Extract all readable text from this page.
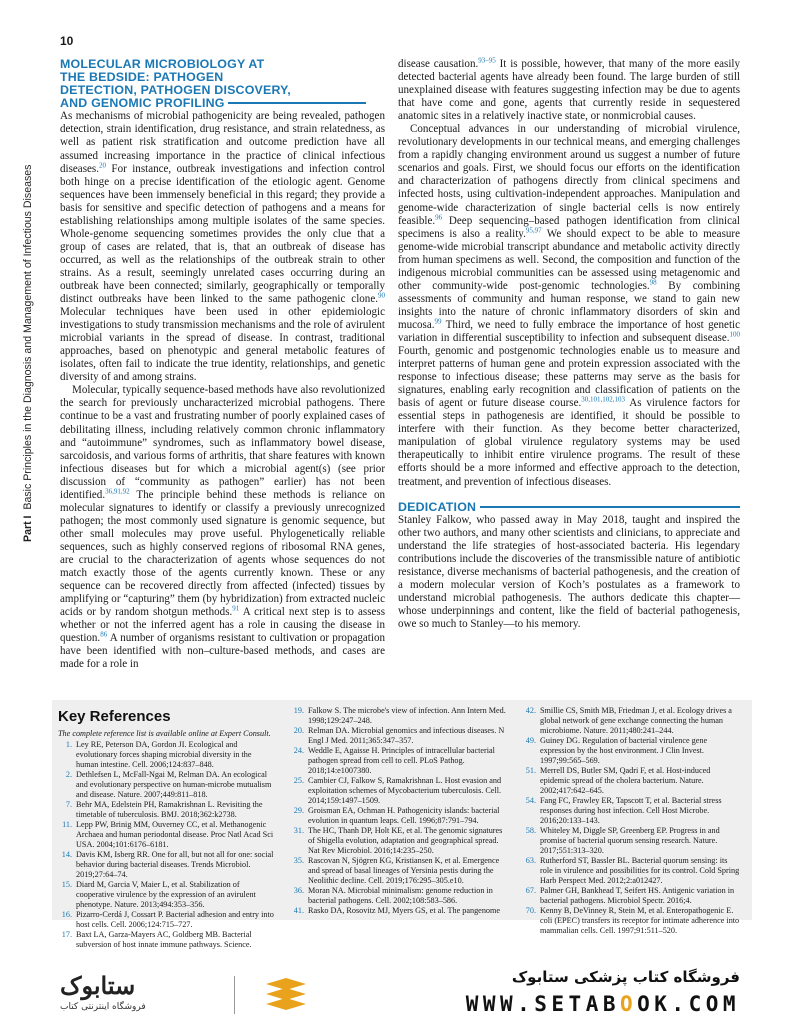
10
Part I  Basic Principles in the Diagnosis and Management of Infectious Diseases
MOLECULAR MICROBIOLOGY AT
THE BEDSIDE: PATHOGEN
DETECTION, PATHOGEN DISCOVERY,
AND GENOMIC PROFILING

As mechanisms of microbial pathogenicity are being revealed, pathogen detection, strain identification, drug resistance, and strain relatedness, as well as patient risk stratification and outcome prediction have all assumed increasing importance in the practice of clinical infectious diseases.$^{20}$ For instance, outbreak investigations and infection control both hinge on a precise identification of the etiologic agent. Genome sequences have been immensely beneficial in this regard; they provide a basis for sensitive and specific detection of pathogens and a means for establishing relationships among multiple isolates of the same species. Whole-genome sequencing sometimes provides the only clue that a group of cases are related, that is, that an outbreak of disease has occurred, as well as the relationships of the outbreak strain to other strains. As a result, seemingly unrelated cases occurring during an outbreak have been connected; similarly, geographically or temporally distinct outbreaks have been linked to the same pathogenic clone.$^{90}$ Molecular techniques have been used in other epidemiologic investigations to study transmission mechanisms and the role of avirulent microbial variants in the spread of disease. In contrast, traditional approaches, based on phenotypic and general metabolic features of isolates, often fail to indicate the true identity, relationships, and genetic diversity of and among strains.

Molecular, typically sequence-based methods have also revolutionized the search for previously uncharacterized microbial pathogens. There continue to be a vast and frustrating number of poorly explained cases of debilitating illness, including relatively common chronic inflammatory and “autoimmune” syndromes, such as inflammatory bowel disease, sarcoidosis, and various forms of arthritis, that share features with known infectious diseases but for which a microbial agent(s) (see prior discussion of “community as pathogen” earlier) has not been identified.$^{36,91,92}$ The principle behind these methods is reliance on molecular signatures to identify or classify a previously unrecognized pathogen; the most commonly used signature is genomic sequence, but other small molecules may prove useful. Phylogenetically reliable sequences, such as highly conserved regions of ribosomal RNA genes, are crucial to the characterization of agents whose sequences do not match exactly those of the agents currently known. These or any sequence can be recovered directly from affected (infected) tissues by amplifying or “capturing” them (by hybridization) from extracted nucleic acids or by random shotgun methods.$^{91}$ A critical next step is to assess whether or not the inferred agent has a role in causing the disease in question.$^{86}$ A number of organisms resistant to cultivation or propagation have been identified with non–culture-based methods, and cases are made for a role in

disease causation.$^{93-95}$ It is possible, however, that many of the more easily detected bacterial agents have already been found. The large burden of still unexplained disease with features suggesting infection may be due to agents that have come and gone, agents that currently reside in sequestered anatomic sites in a relatively inactive state, or nonmicrobial causes.

Conceptual advances in our understanding of microbial virulence, revolutionary developments in our technical means, and emerging challenges from a rapidly changing environment around us suggest a number of future scenarios and goals. First, we should focus our efforts on the identification and characterization of pathogens directly from clinical specimens and infected hosts, using cultivation-independent approaches. Manipulation and genome-wide characterization of single bacterial cells is now entirely feasible.$^{96}$ Deep sequencing–based pathogen identification from clinical specimens is also a reality.$^{95,97}$ We should expect to be able to measure genome-wide microbial transcript abundance and metabolic activity directly from human specimens as well. Second, the composition and function of the indigenous microbial communities can be assessed using metagenomic and other community-wide post-genomic technologies.$^{98}$ By combining assessments of community and human response, we stand to gain new insights into the nature of chronic inflammatory disorders of skin and mucosa.$^{99}$ Third, we need to fully embrace the importance of host genetic variation in differential susceptibility to infection and subsequent disease.$^{100}$ Fourth, genomic and postgenomic technologies enable us to measure and interpret patterns of human gene and protein expression associated with the response to infectious disease; these patterns may serve as the basis for signatures, enabling early recognition and classification of patients on the basis of agent or future disease course.$^{30,101,102,103}$ As virulence factors for essential steps in pathogenesis are identified, it should be possible to interfere with their function. As they become better characterized, manipulation of global virulence regulatory systems may be used therapeutically to inhibit entire virulence programs. The result of these efforts should be a more informed and effective approach to the detection, treatment, and prevention of infectious diseases.

DEDICATION

Stanley Falkow, who passed away in May 2018, taught and inspired the other two authors, and many other scientists and clinicians, to appreciate and understand the life strategies of host-associated bacteria. His legendary contributions include the discoveries of the transmissible nature of antibiotic resistance, diverse mechanisms of bacterial pathogenesis, and the creation of a modern molecular version of Koch’s postulates as a framework to understand microbial pathogenesis. The authors dedicate this chapter—whose underpinnings and content, like the field of bacterial pathogenesis, owe so much to Stanley—to his memory.

Key References
The complete reference list is available online at Expert Consult.
1. Ley RE, Peterson DA, Gordon JI. Ecological and evolutionary forces shaping microbial diversity in the human intestine. Cell. 2006;124:837–848.
2. Dethlefsen L, McFall-Ngai M, Relman DA. An ecological and evolutionary perspective on human-microbe mutualism and disease. Nature. 2007;449:811–818.
7. Behr MA, Edelstein PH, Ramakrishnan L. Revisiting the timetable of tuberculosis. BMJ. 2018;362:k2738.
11. Lepp PW, Brinig MM, Ouverney CC, et al. Methanogenic Archaea and human periodontal disease. Proc Natl Acad Sci USA. 2004;101:6176–6181.
14. Davis KM, Isberg RR. One for all, but not all for one: social behavior during bacterial diseases. Trends Microbiol. 2019;27:64–74.
15. Diard M, Garcia V, Maier L, et al. Stabilization of cooperative virulence by the expression of an avirulent phenotype. Nature. 2013;494:353–356.
16. Pizarro-Cerdá J, Cossart P. Bacterial adhesion and entry into host cells. Cell. 2006;124:715–727.
17. Baxt LA, Garza-Mayers AC, Goldberg MB. Bacterial subversion of host innate immune pathways. Science.
19. Falkow S. The microbe's view of infection. Ann Intern Med. 1998;129:247–248.
20. Relman DA. Microbial genomics and infectious diseases. N Engl J Med. 2011;365:347–357.
24. Weddle E, Agaisse H. Principles of intracellular bacterial pathogen spread from cell to cell. PLoS Pathog. 2018;14:e1007380.
25. Cambier CJ, Falkow S, Ramakrishnan L. Host evasion and exploitation schemes of Mycobacterium tuberculosis. Cell. 2014;159:1497–1509.
29. Groisman EA, Ochman H. Pathogenicity islands: bacterial evolution in quantum leaps. Cell. 1996;87:791–794.
31. The HC, Thanh DP, Holt KE, et al. The genomic signatures of Shigella evolution, adaptation and geographical spread. Nat Rev Microbiol. 2016;14:235–250.
35. Rascovan N, Sjögren KG, Kristiansen K, et al. Emergence and spread of basal lineages of Yersinia pestis during the Neolithic decline. Cell. 2019;176:295–305.e10.
36. Moran NA. Microbial minimalism: genome reduction in bacterial pathogens. Cell. 2002;108:583–586.
41. Rasko DA, Rosovitz MJ, Myers GS, et al. The pangenome
42. Smillie CS, Smith MB, Friedman J, et al. Ecology drives a global network of gene exchange connecting the human microbiome. Nature. 2011;480:241–244.
49. Guiney DG. Regulation of bacterial virulence gene expression by the host environment. J Clin Invest. 1997;99:565–569.
51. Merrell DS, Butler SM, Qadri F, et al. Host-induced epidemic spread of the cholera bacterium. Nature. 2002;417:642–645.
54. Fang FC, Frawley ER, Tapscott T, et al. Bacterial stress responses during host infection. Cell Host Microbe. 2016;20:133–143.
58. Whiteley M, Diggle SP, Greenberg EP. Progress in and promise of bacterial quorum sensing research. Nature. 2017;551:313–320.
63. Rutherford ST, Bassler BL. Bacterial quorum sensing: its role in virulence and possibilities for its control. Cold Spring Harb Perspect Med. 2012;2:a012427.
67. Palmer GH, Bankhead T, Seifert HS. Antigenic variation in bacterial pathogens. Microbiol Spectr. 2016;4.
70. Kenny B, DeVinney R, Stein M, et al. Enteropathogenic E. coli (EPEC) transfers its receptor for intimate adherence into mammalian cells. Cell. 1997;91:511–520.
ستابوک
فروشگاه اینترنتی کتاب
فروشگاه کتاب پزشکی ستابوک
WWW.SETABOOK.COM
